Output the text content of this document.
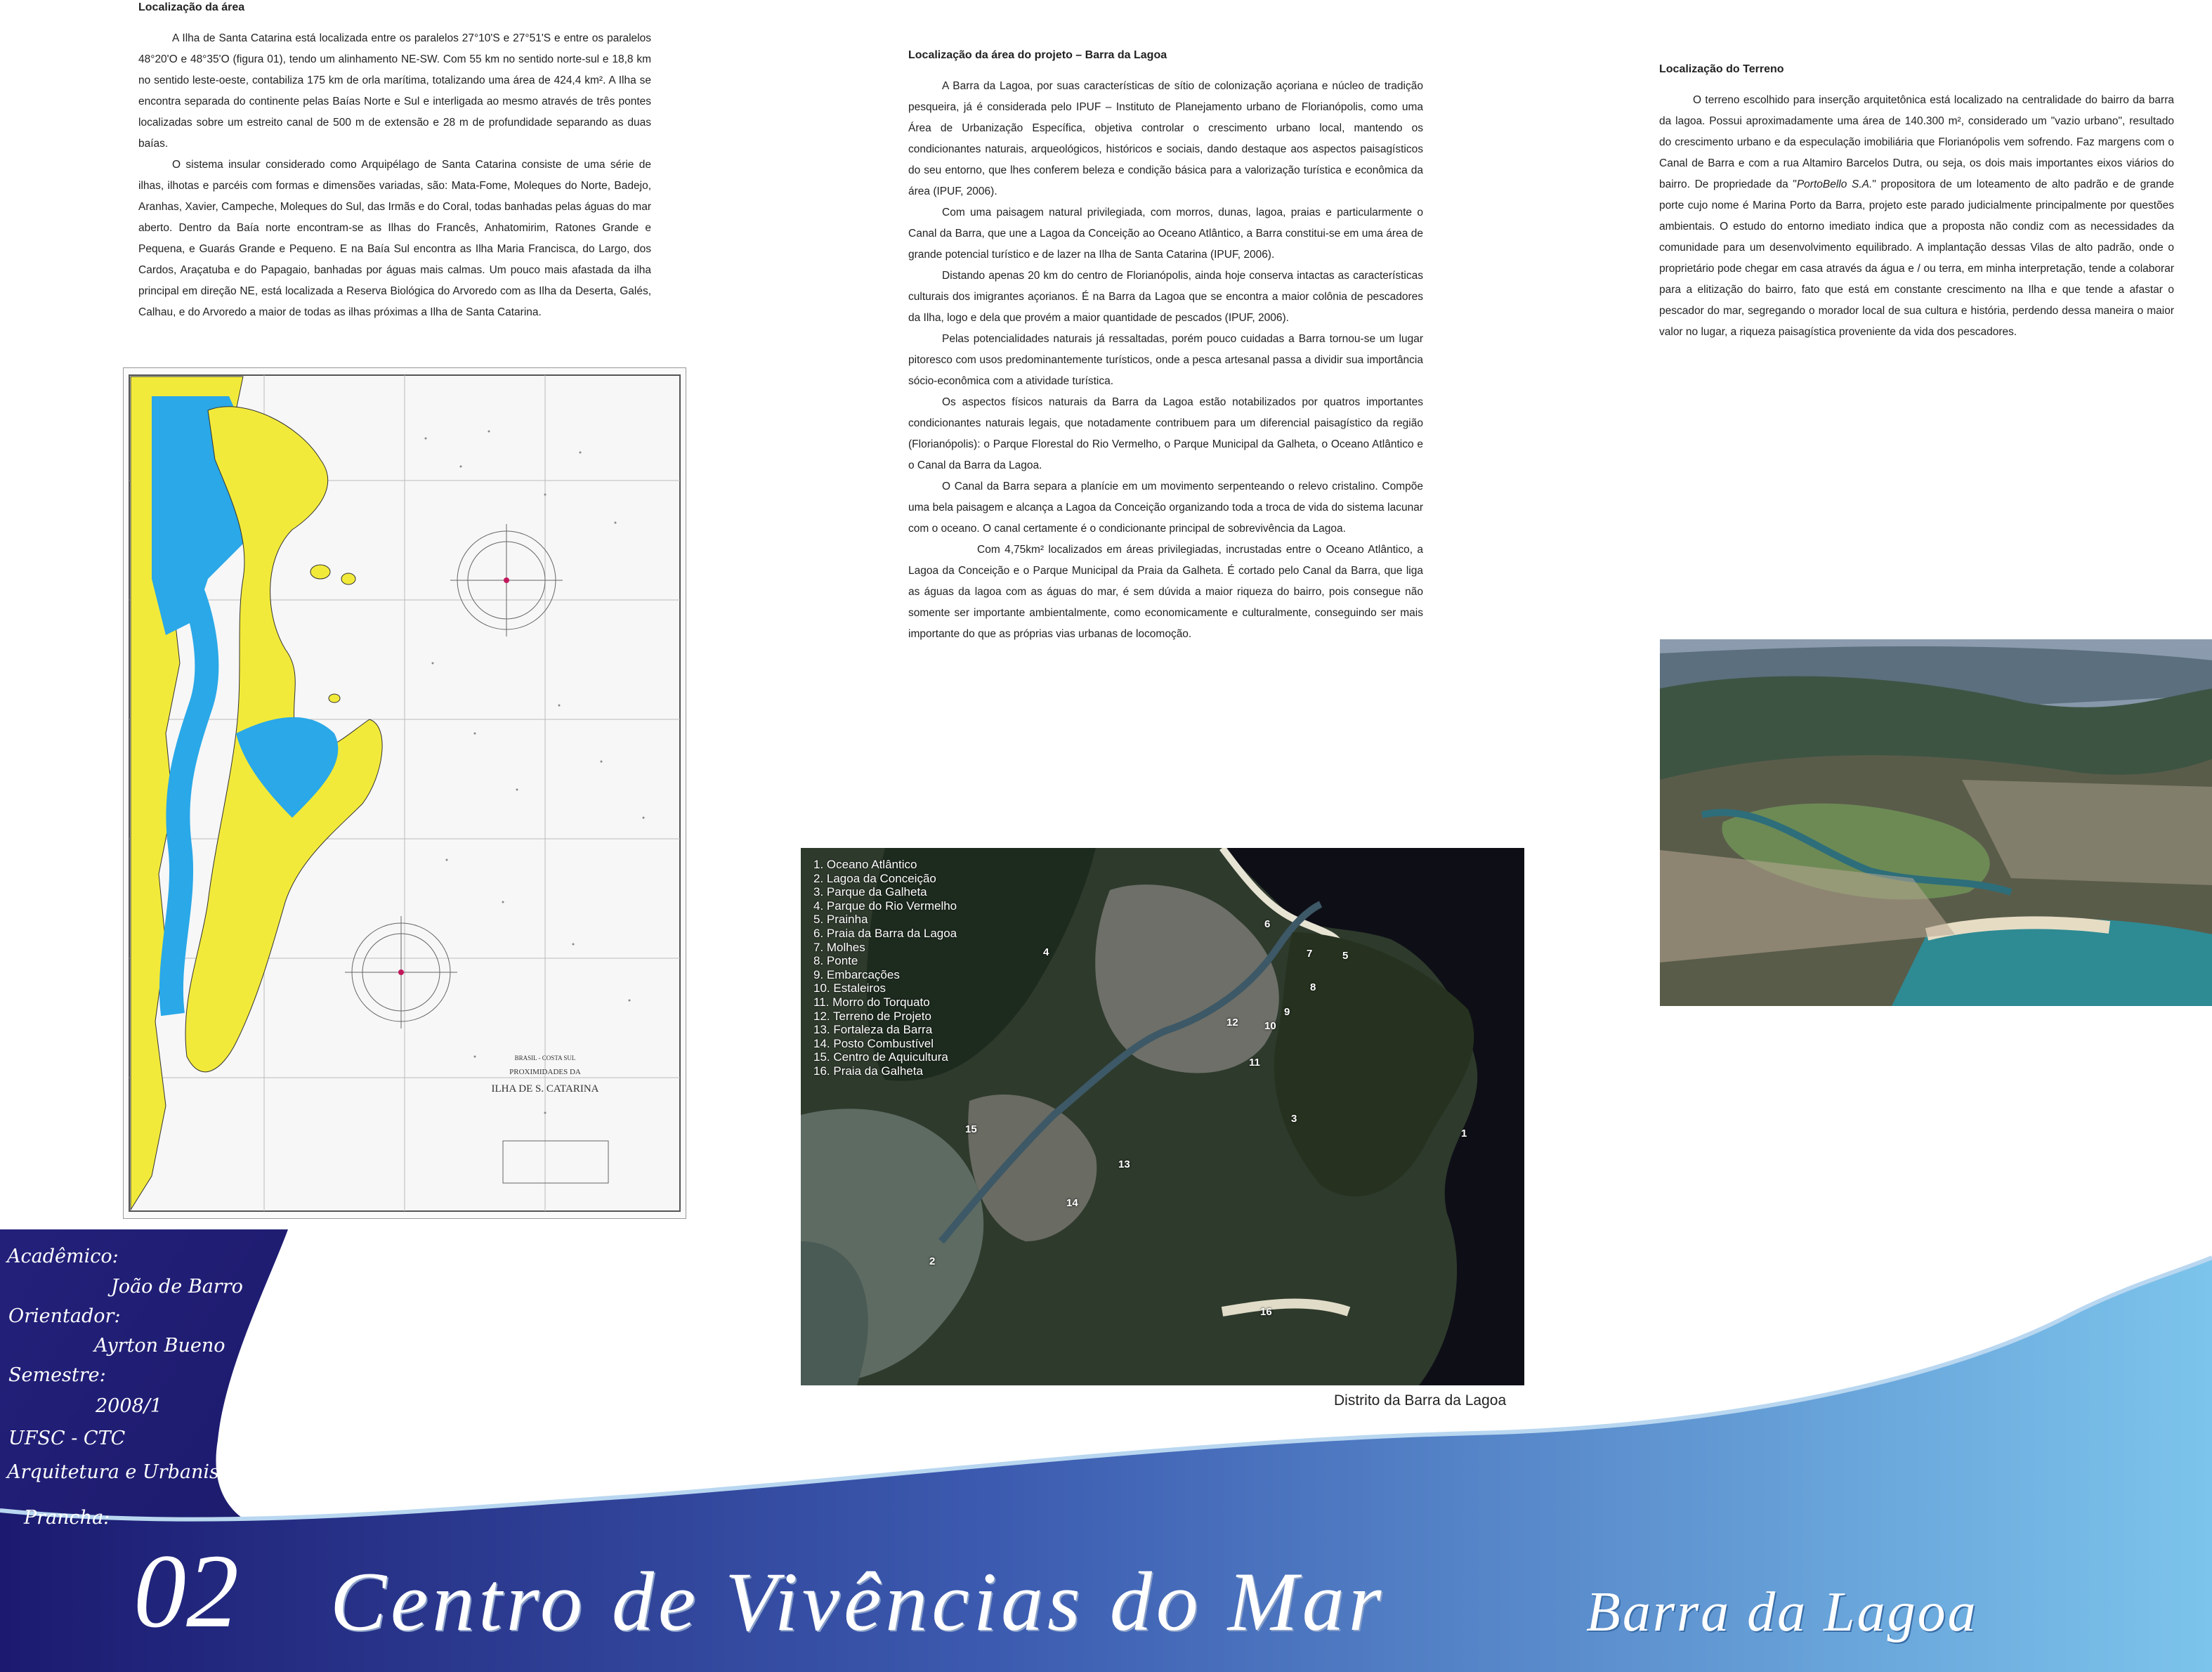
Localização da área

A Ilha de Santa Catarina está localizada entre os paralelos 27°10'S e 27°51'S e entre os paralelos 48°20'O e 48°35'O (figura 01), tendo um alinhamento NE-SW. Com 55 km no sentido norte-sul e 18,8 km no sentido leste-oeste, contabiliza 175 km de orla marítima, totalizando uma área de 424,4 km². A Ilha se encontra separada do continente pelas Baías Norte e Sul e interligada ao mesmo através de três pontes localizadas sobre um estreito canal de 500 m de extensão e 28 m de profundidade separando as duas baías.

O sistema insular considerado como Arquipélago de Santa Catarina consiste de uma série de ilhas, ilhotas e parcéis com formas e dimensões variadas, são: Mata-Fome, Moleques do Norte, Badejo, Aranhas, Xavier, Campeche, Moleques do Sul, das Irmãs e do Coral, todas banhadas pelas águas do mar aberto. Dentro da Baía norte encontram-se as Ilhas do Francês, Anhatomirim, Ratones Grande e Pequena, e Guarás Grande e Pequeno. E na Baía Sul encontra as Ilha Maria Francisca, do Largo, dos Cardos, Araçatuba e do Papagaio, banhadas por águas mais calmas. Um pouco mais afastada da ilha principal em direção NE, está localizada a Reserva Biológica do Arvoredo com as Ilha da Deserta, Galés, Calhau, e do Arvoredo a maior de todas as ilhas próximas a Ilha de Santa Catarina.

BRASIL - COSTA SUL
PROXIMIDADES DA
ILHA DE S. CATARINA
Localização da área do projeto – Barra da Lagoa

A Barra da Lagoa, por suas características de sítio de colonização açoriana e núcleo de tradição pesqueira, já é considerada pelo IPUF – Instituto de Planejamento urbano de Florianópolis, como uma Área de Urbanização Específica, objetiva controlar o crescimento urbano local, mantendo os condicionantes naturais, arqueológicos, históricos e sociais, dando destaque aos aspectos paisagísticos do seu entorno, que lhes conferem beleza e condição básica para a valorização turística e econômica da área (IPUF, 2006).

Com uma paisagem natural privilegiada, com morros, dunas, lagoa, praias e particularmente o Canal da Barra, que une a Lagoa da Conceição ao Oceano Atlântico, a Barra constitui-se em uma área de grande potencial turístico e de lazer na Ilha de Santa Catarina (IPUF, 2006).

Distando apenas 20 km do centro de Florianópolis, ainda hoje conserva intactas as características culturais dos imigrantes açorianos. É na Barra da Lagoa que se encontra a maior colônia de pescadores da Ilha, logo e dela que provém a maior quantidade de pescados (IPUF, 2006).

Pelas potencialidades naturais já ressaltadas, porém pouco cuidadas a Barra tornou-se um lugar pitoresco com usos predominantemente turísticos, onde a pesca artesanal passa a dividir sua importância sócio-econômica com a atividade turística.

Os aspectos físicos naturais da Barra da Lagoa estão notabilizados por quatros importantes condicionantes naturais legais, que notadamente contribuem para um diferencial paisagístico da região (Florianópolis): o Parque Florestal do Rio Vermelho, o Parque Municipal da Galheta, o Oceano Atlântico e o Canal da Barra da Lagoa.

O Canal da Barra separa a planície em um movimento serpenteando o relevo cristalino. Compõe uma bela paisagem e alcança a Lagoa da Conceição organizando toda a troca de vida do sistema lacunar com o oceano. O canal certamente é o condicionante principal de sobrevivência da Lagoa.

Com 4,75km² localizados em áreas privilegiadas, incrustadas entre o Oceano Atlântico, a Lagoa da Conceição e o Parque Municipal da Praia da Galheta. É cortado pelo Canal da Barra, que liga as águas da lagoa com as águas do mar, é sem dúvida a maior riqueza do bairro, pois consegue não somente ser importante ambientalmente, como economicamente e culturalmente, conseguindo ser mais importante do que as próprias vias urbanas de locomoção.

1. Oceano Atlântico
2. Lagoa da Conceição
3. Parque da Galheta
4. Parque do Rio Vermelho
5. Prainha
6. Praia da Barra da Lagoa
7. Molhes
8. Ponte
9. Embarcações
10. Estaleiros
11. Morro do Torquato
12. Terreno de Projeto
13. Fortaleza da Barra
14. Posto Combustível
15. Centro de Aquicultura
16. Praia da Galheta
1
2
3
4	5
6
7
8
9
10
11
12
13
14
15
16
Distrito da Barra da Lagoa
Localização do Terreno

O terreno escolhido para inserção arquitetônica está localizado na centralidade do bairro da barra da lagoa. Possui aproximadamente uma área de 140.300 m², considerado um "vazio urbano", resultado do crescimento urbano e da especulação imobiliária que Florianópolis vem sofrendo. Faz margens com o Canal de Barra e com a rua Altamiro Barcelos Dutra, ou seja, os dois mais importantes eixos viários do bairro. De propriedade da "PortoBello S.A." propositora de um loteamento de alto padrão e de grande porte cujo nome é Marina Porto da Barra, projeto este parado judicialmente principalmente por questões ambientais. O estudo do entorno imediato indica que a proposta não condiz com as necessidades da comunidade para um desenvolvimento equilibrado. A implantação dessas Vilas de alto padrão, onde o proprietário pode chegar em casa através da água e / ou terra, em minha interpretação, tende a colaborar para a elitização do bairro, fato que está em constante crescimento na Ilha e que tende a afastar o pescador do mar, segregando o morador local de sua cultura e história, perdendo dessa maneira o maior valor no lugar, a riqueza paisagística proveniente da vida dos pescadores.

Acadêmico:
João de Barro
Orientador:
Ayrton Bueno
Semestre:
2008/1
UFSC - CTC
Arquitetura e Urbanismo
Prancha:
02 Centro de Vivências do Mar	Barra da Lagoa
